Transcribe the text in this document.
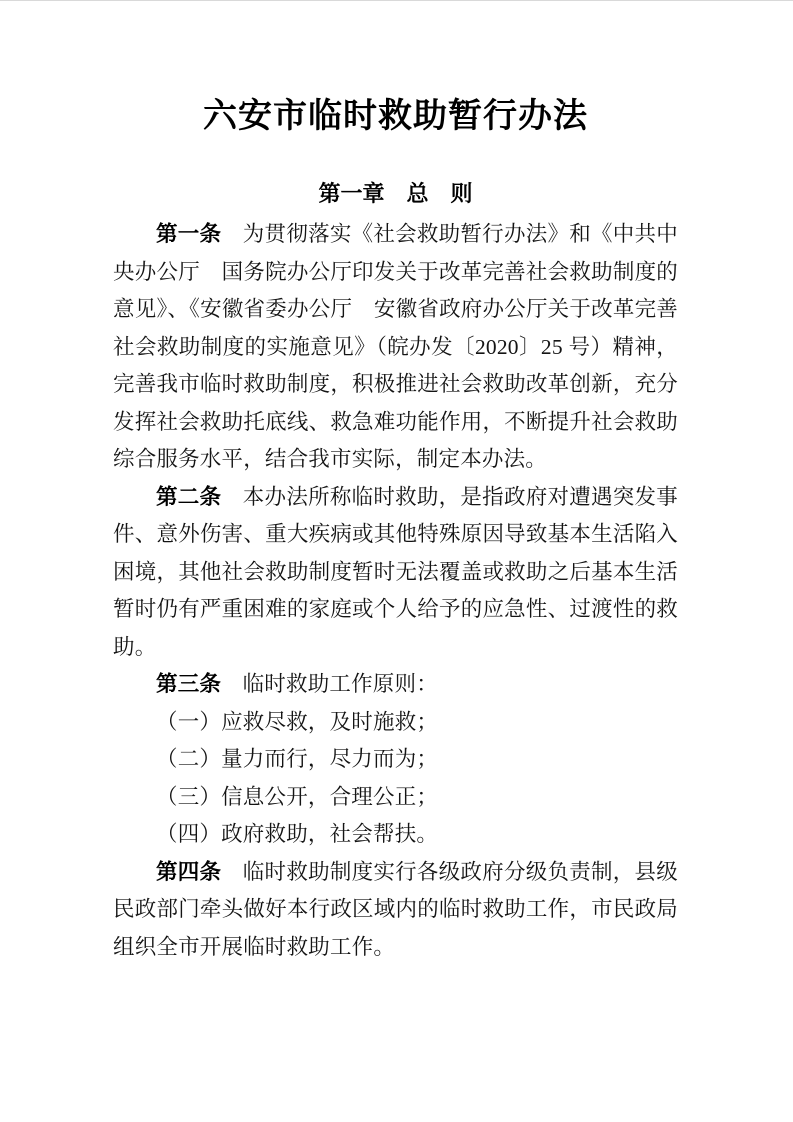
六安市临时救助暂行办法
第一章　总　则

第一条 为贯彻落实《社会救助暂行办法》和《中共中央办公厅　国务院办公厅印发关于改革完善社会救助制度的意见》、《安徽省委办公厅　安徽省政府办公厅关于改革完善社会救助制度的实施意见》（皖办发〔2020〕25 号）精神，完善我市临时救助制度，积极推进社会救助改革创新，充分发挥社会救助托底线、救急难功能作用，不断提升社会救助综合服务水平，结合我市实际，制定本办法。

第二条 本办法所称临时救助，是指政府对遭遇突发事件、意外伤害、重大疾病或其他特殊原因导致基本生活陷入困境，其他社会救助制度暂时无法覆盖或救助之后基本生活暂时仍有严重困难的家庭或个人给予的应急性、过渡性的救助。

第三条 临时救助工作原则：

（一）应救尽救，及时施救；

（二）量力而行，尽力而为；

（三）信息公开，合理公正；

（四）政府救助，社会帮扶。

第四条 临时救助制度实行各级政府分级负责制，县级民政部门牵头做好本行政区域内的临时救助工作，市民政局组织全市开展临时救助工作。
